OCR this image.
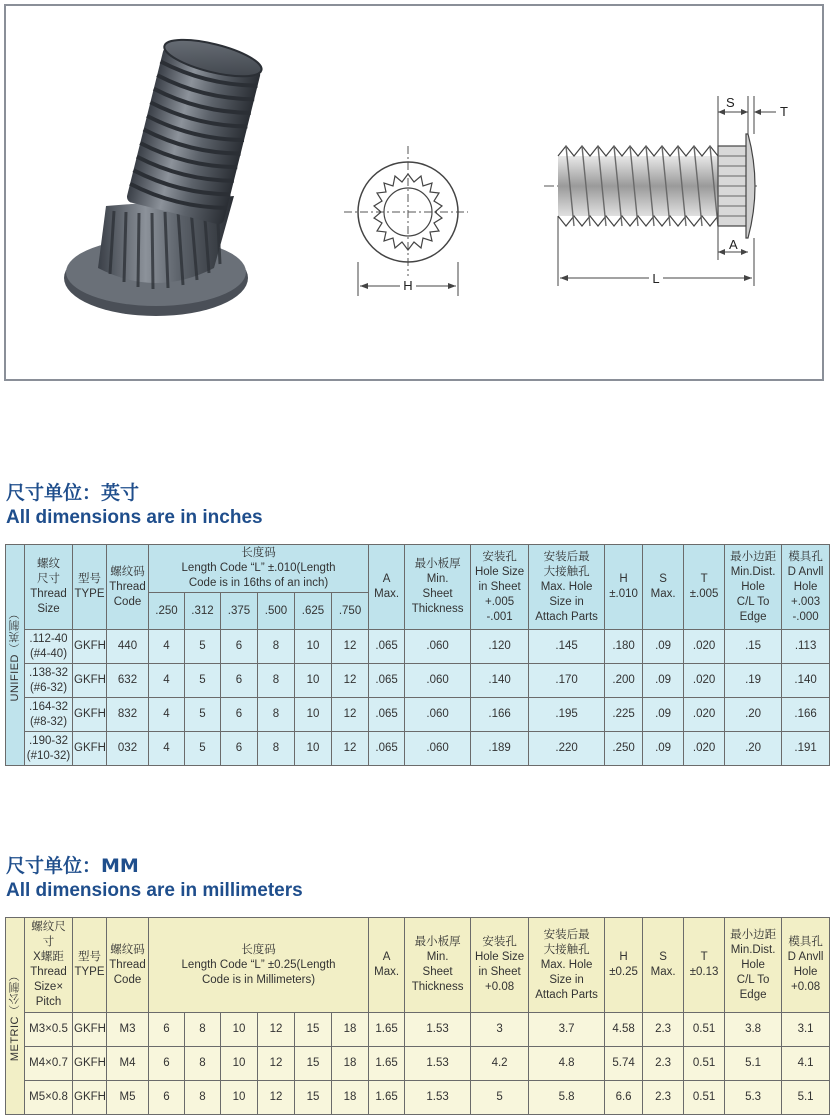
H
S
T
A
L
尺寸单位：英寸
All dimensions are in inches
UNIFIED（英制）	螺纹
尺寸
Thread
Size	型号
TYPE	螺纹码
Thread
Code	长度码
Length Code “L” ±.010(Length
Code is in 16ths of an inch)						A
Max.	最小板厚
Min.
Sheet
Thickness	安装孔
Hole Size
in Sheet
+.005
-.001	安装后最
大接触孔
Max. Hole
Size in
Attach Parts	H
±.010	S
Max.	T
±.005	最小边距
Min.Dist.
Hole
C/L To
Edge	模具孔
D Anvll
Hole
+.003
-.000

				.250	.312	.375	.500	.625	.750									

	.112-40
(#4-40)	GKFH	440	4	5	6	8	10	12	.065	.060	.120	.145	.180	.09	.020	.15	.113

	.138-32
(#6-32)	GKFH	632	4	5	6	8	10	12	.065	.060	.140	.170	.200	.09	.020	.19	.140

	.164-32
(#8-32)	GKFH	832	4	5	6	8	10	12	.065	.060	.166	.195	.225	.09	.020	.20	.166

	.190-32
(#10-32)	GKFH	032	4	5	6	8	10	12	.065	.060	.189	.220	.250	.09	.020	.20	.191
尺寸单位：MM
All dimensions are in millimeters
METRIC（公制）	螺纹尺寸
X螺距
Thread
Size×
Pitch	型号
TYPE	螺纹码
Thread
Code	长度码
Length Code “L” ±0.25(Length
Code is in Millimeters)						A
Max.	最小板厚
Min.
Sheet
Thickness	安装孔
Hole Size
in Sheet
+0.08	安装后最
大接触孔
Max. Hole
Size in
Attach Parts	H
±0.25	S
Max.	T
±0.13	最小边距
Min.Dist.
Hole
C/L To
Edge	模具孔
D Anvll
Hole
+0.08

	M3×0.5	GKFH	M3	6	8	10	12	15	18	1.65	1.53	3	3.7	4.58	2.3	0.51	3.8	3.1
	M4×0.7	GKFH	M4	6	8	10	12	15	18	1.65	1.53	4.2	4.8	5.74	2.3	0.51	5.1	4.1
	M5×0.8	GKFH	M5	6	8	10	12	15	18	1.65	1.53	5	5.8	6.6	2.3	0.51	5.3	5.1
